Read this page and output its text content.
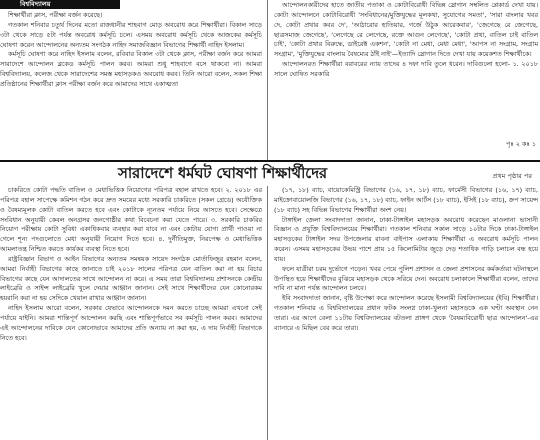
বিশ্ববিদ্যালয়
শিক্ষার্থীরা ক্লাস, পরীক্ষা বর্জন করেছে।
গতকাল শনিবার চতুর্থ দিনের মতো রাজধানীর শাহবাগ মোড় অবরোধ করে শিক্ষার্থীরা। বিকাল সাড়ে ৩টা থেকে সাড়ে ৫টা পর্যন্ত অবরোধ কর্মসূচি চলে। এসময় অবরোধ কর্মসূচি থেকে আজকের কর্মসূচি ঘোষণা করেন আন্দোলনের অন্যতম সংগঠক নাহিদ সমাজবিজ্ঞান বিভাগের শিক্ষার্থী নাহিদ ইসলাম।
কর্মসূচি ঘোষণা করে নাহিদ ইসলাম বলেন, রবিবার বিকাল ৩টা থেকে ক্লাস, পরীক্ষা বর্জন করে আমরা সারাদেশে আন্দোলন ব্লকেড কর্মসূচি পালন করব। আমরা শুধু শাহবাগে বসে থাকবো না। আমরা বিশ্ববিদ্যালয়, কলেজ থেকে সারাদেশের সমস্ত মহাসড়কও অবরোধ করব। তিনি আরো বলেন, সকল শিক্ষা প্রতিষ্ঠানের শিক্ষার্থীরা ক্লাস পরীক্ষা বর্জন করে আমাদের সাথে একাত্মতা
আন্দোলনকারীদের হাতে জাতীয় পতাকা ও কোটাবিরোধী বিভিন্ন স্লোগান সম্বলিত প্লেকার্ড দেখা যায়। কোটা আন্দোলনে কোটাবিরোধী 'সংবিধানের/মুক্তিযুদ্ধের মূলকথা, সুযোগের সমতা', 'সারা বাংলার খবর দে, কোটা প্রথার কবর দে', 'আঠারোর হাতিয়ার, গর্জে উঠুক আরেকবার', 'জেগেছে রে জেগেছে, ছাত্রসমাজ জেগেছে', 'লেগেছে রে লেগেছে, রক্তে আগুন লেগেছে', 'কোটা প্রথা, বাতিল চাই বাতিল চাই', 'কোটা প্রথার বিরুদ্ধে, ডাইরেক্ট একশন', 'কোটা না মেধা, মেধা মেধা', 'আপস না সংগ্রাম, সংগ্রাম সংগ্রাম', 'মুক্তিযুদ্ধের বাংলায় বৈষম্যের ঠাঁই নাই'—ইত্যাদি স্লোগান দিতে দেখা যায় কয়েকশত শিক্ষার্থীকে।
আন্দোলনরত শিক্ষার্থীরা বরাবরের ন্যায় তাদের ৪ দফা দাবি তুলে ধরেন। দাবিগুলো হলো- ১. ২০১৮ সালে ঘোষিত সরকারি
পৃঃ ২ কঃ ১
সারাদেশে ধর্মঘট ঘোষণা শিক্ষার্থীদের	প্রথম পৃষ্ঠার পর
চাকরিতে কোটা পদ্ধতি বাতিল ও মেধাভিত্তিক নিয়োগের পরিপত্র বহাল রাখতে হবে। ২. ২০১৮ এর পরিপত্র বহাল সাপেক্ষে কমিশন গঠন করে দ্রুত সময়ের মধ্যে সরকারি চাকরিতে (সকল গ্রেডে) অযৌক্তিক ও বৈষম্যমূলক কোটা বাতিল করতে হবে এবং কোটাকে ন্যূনতম পর্যায়ে নিয়ে আসতে হবে। সেক্ষেত্রে সংবিধান অনুযায়ী কেবল অনগ্রসর জনগোষ্ঠীর কথা বিবেচনা করা যেতে পারে। ৩. সরকারি চাকরির নিয়োগ পরীক্ষায় কোটা সুবিধা একাধিকবার ব্যবহার করা যাবে না এবং কোটায় যোগ্য প্রার্থী পাওয়া না গেলে শূন্য পদগুলোতে মেধা অনুযায়ী নিয়োগ দিতে হবে। ৪. দুর্নীতিমুক্ত, নিরপেক্ষ ও মেধাভিত্তিক আমলাতন্ত্র নিশ্চিত করতে কার্যকর ব্যবস্থা নিতে হবে।
রাষ্ট্রবিজ্ঞান বিভাগ ও আইন বিভাগের অন্যতম সমন্বয়ক সায়েদ সংগঠক মোর্তাফিজুর রহমান বলেন, আমরা নির্বাহী বিভাগের কাছে জানাতে চাই ২০১৮ সালের পরিপত্র যেন বাতিল করা না হয় বিচার বিভাগের কাছে যেন আদালতের সাথে আন্দোলন না করে। এ সময় তারা বিশ্ববিদ্যালয় প্রশাসনকে কেন্দ্রীয় লাইব্রেরি ও সাইন্স লাইব্রেরি খুলে দেয়ার আহ্বান জানান। সেই সাথে শিক্ষার্থীদের যেন কোনোরকম হয়রানি করা না হয় সেদিকে খেয়াল রাখার আহ্বান জানান।
নাহিদ ইসলাম আরো বলেন, সরকার যেভাবে আন্দোলনকে দমন করতে চাচ্ছে আমরা এখনো সেই পর্যায়ে যাইনি। আমরা শান্তিপূর্ণ আন্দোলন করছি এবং শান্তিপূর্ণভাবে সব কর্মসূচি পালন করব। আমাদের এই আন্দোলনের দাবিকে যেন কোনোভাবে আমাদের প্রতি অন্যায় না করা হয়, এ দায় নির্বাহী বিভাগকে নিতে হবে।
(১৭, ১৮) ব্যাচ, বায়োকেমিস্ট্রি বিভাগের (১৬, ১৭, ১৮) ব্যাচ, ফার্মেসী বিভাগের (১৬, ১৭) ব্যাচ, মাইক্রোবায়োলজি বিভাগের (১৬, ১৭, ১৮) ব্যাচ, ফাইন আর্টস (১৮ ব্যাচ), ইসিই (১৮ ব্যাচ), ক্রপ সায়েন্স (১৮ ব্যাচ) সহ বিভিন্ন বিভাগের শিক্ষার্থীরা অংশ নেয়।
টাঙ্গাইল জেলা সংবাদদাতা জানান, ঢাকা-টাঙ্গাইল মহাসড়ক অবরোধ করেছেন মাওলানা ভাসানী বিজ্ঞান ও প্রযুক্তি বিশ্ববিদ্যালয়ের শিক্ষার্থীরা। গতকাল শনিবার সকাল সাড়ে ১০টার দিকে ঢাকা-টাঙ্গাইল মহাসড়কের টাঙ্গাইল সদর উপজেলার রাবনা বাইপাস এলাকায় শিক্ষার্থীরা এ অবরোধ কর্মসূচি পালন করেন। এসময় মহাসড়কের উভয় পাশে প্রায় ১৫ কিলোমিটার জুড়ে দেড় শতাধিক গাড়ি চলাচল বন্ধ হয়ে যায়।
ফলে যাত্রীরা চরম দুর্ভোগে পড়েন। খবর পেয়ে পুলিশ প্রশাসন ও জেলা প্রশাসনের কর্মকর্তারা ঘটনাস্থলে উপস্থিত হয়ে শিক্ষার্থীদের বুঝিয়ে মহাসড়ক থেকে সরিয়ে দেন। অবরোধ চলাকালে শিক্ষার্থীরা বলেন, তাদের দাবি না মানা পর্যন্ত আন্দোলন চলবে।
ইবি সংবাদদাতা জানান, বৃষ্টি উপেক্ষা করে আন্দোলন করেছে ইসলামী বিশ্ববিদ্যালয়ের (ইবি) শিক্ষার্থীরা। গতকাল শনিবার এ বিশ্ববিদ্যালয়ের প্রধান ফটক সংলগ্ন ঢাকা-খুলনা মহাসড়কে এক ঘণ্টা অবস্থান নেন তারা। এর আগে বেলা ১১টায় বিশ্ববিদ্যালয়ের বটতলা প্রাঙ্গণ থেকে 'বৈষম্যবিরোধী ছাত্র আন্দোলন'-এর ব্যানারে এ মিছিল বের করে তারা।
